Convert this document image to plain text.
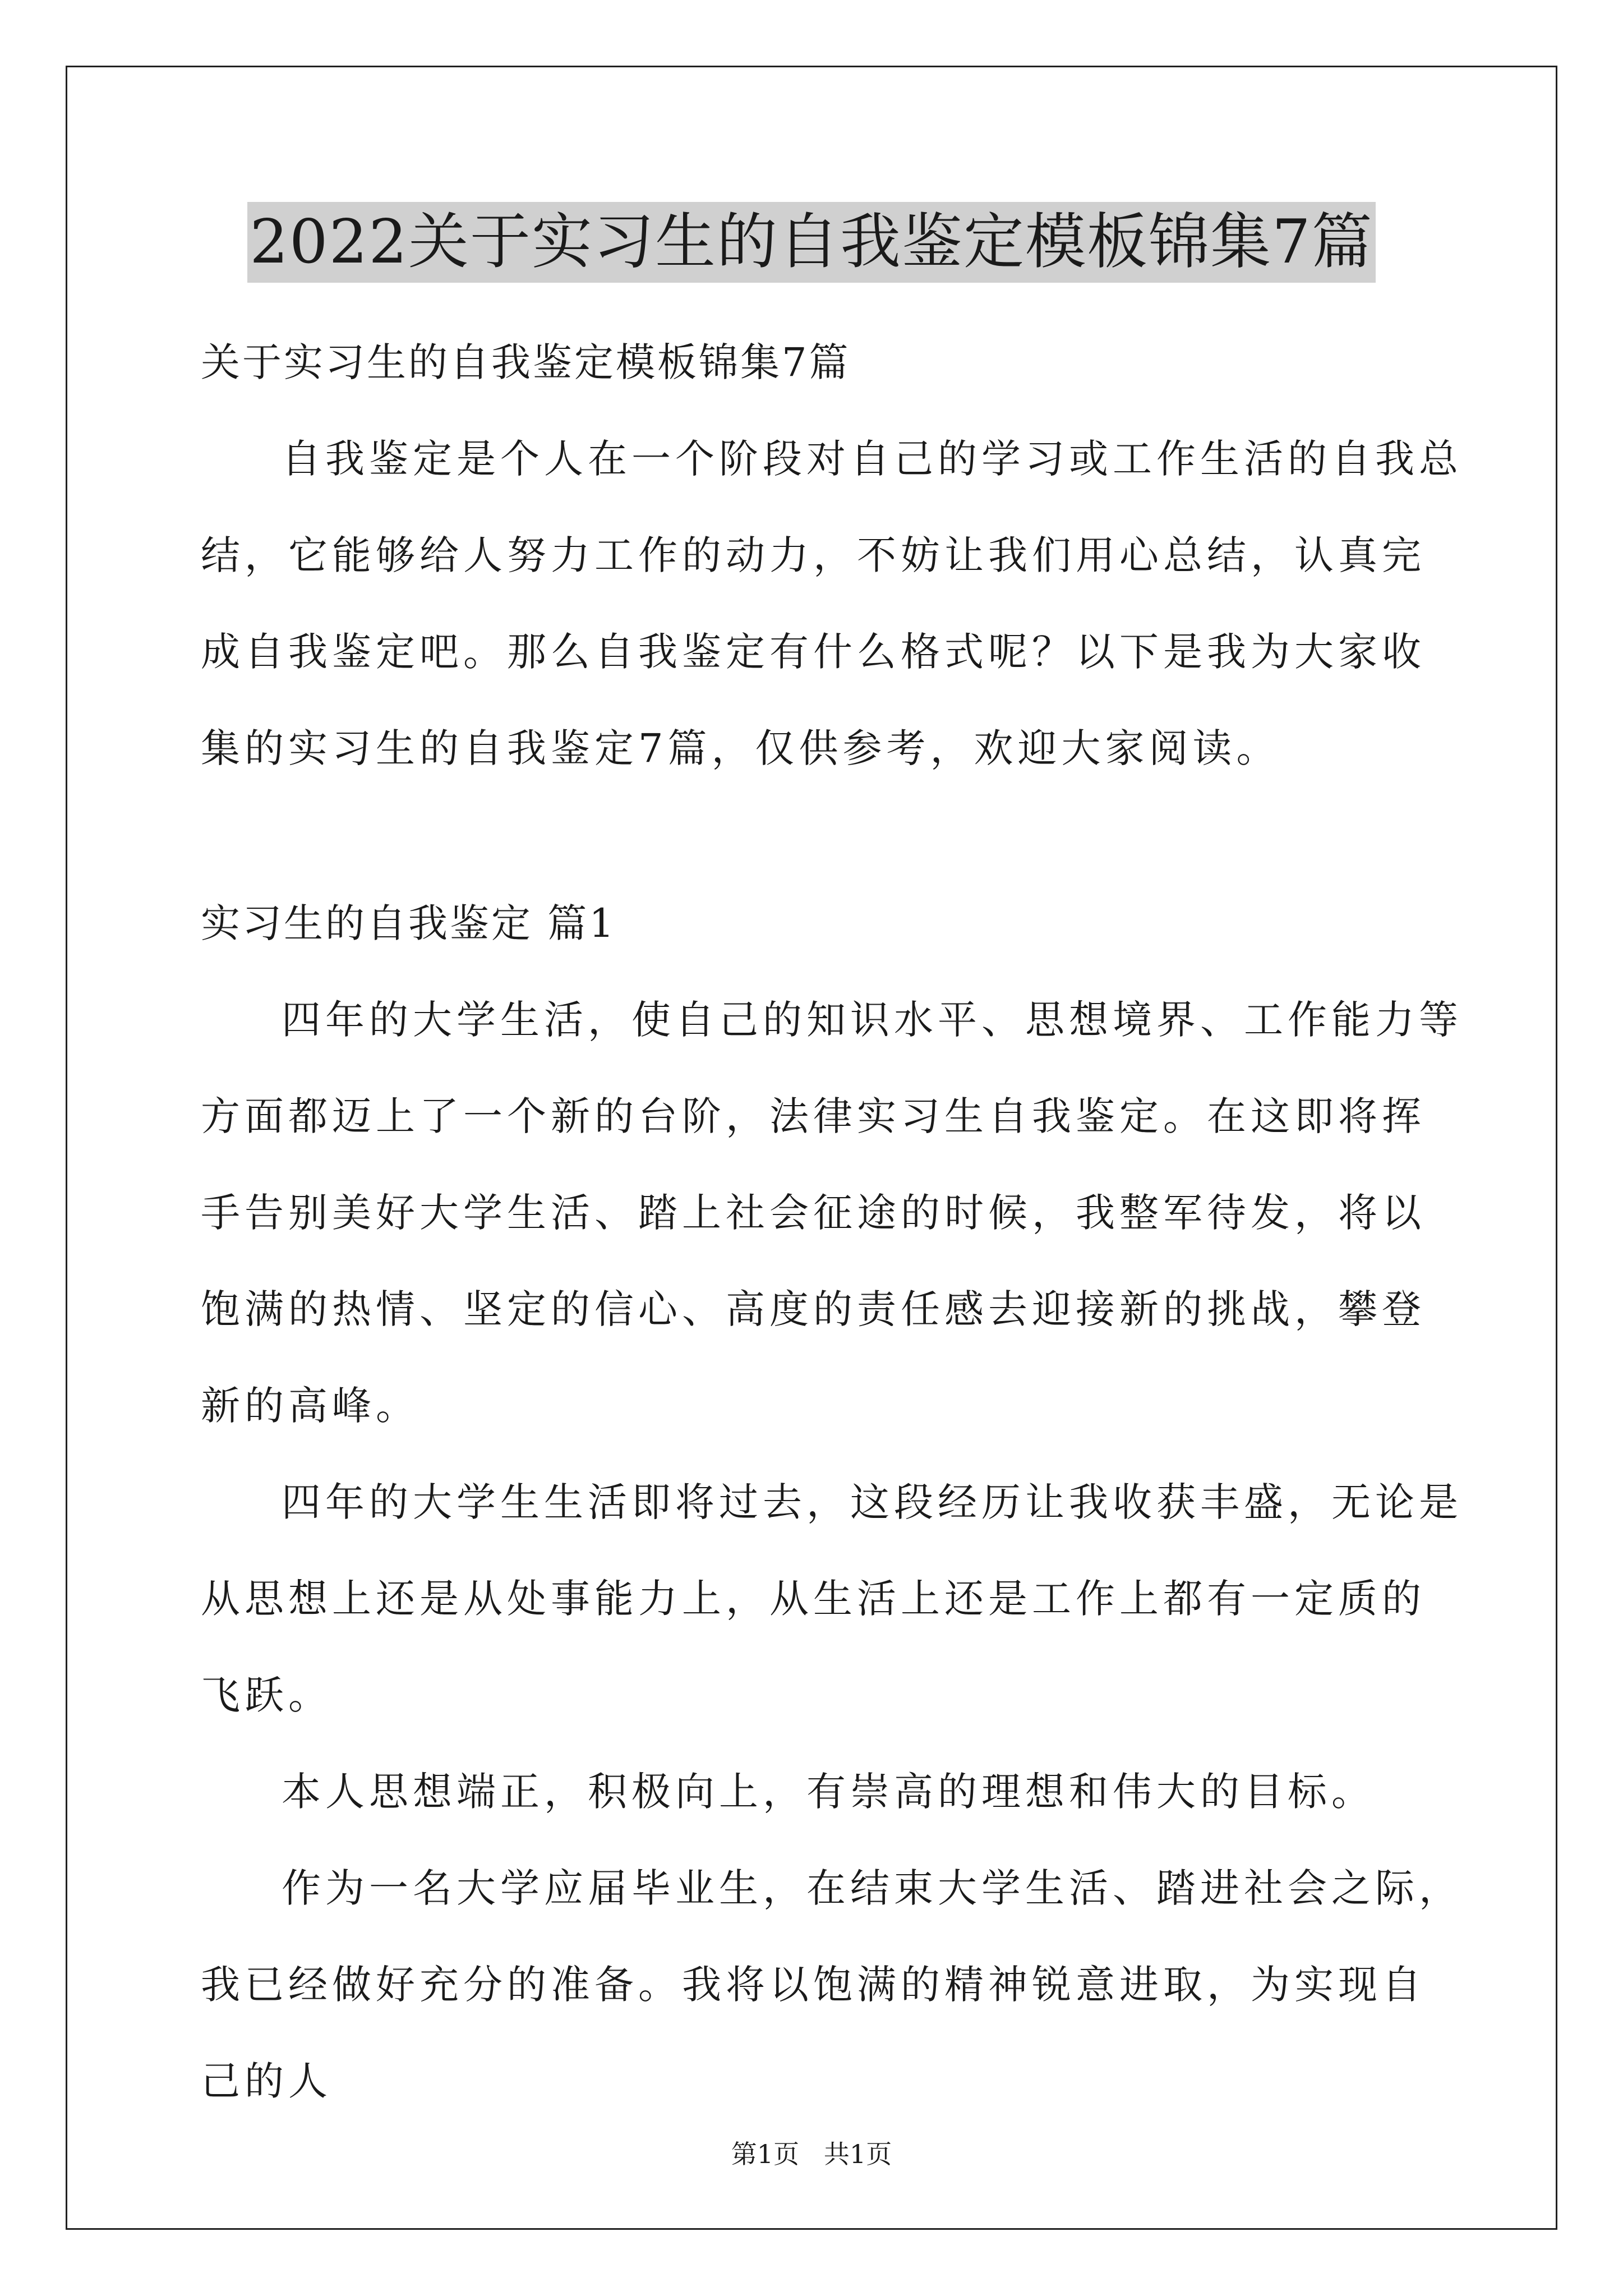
2022关于实习生的自我鉴定模板锦集7篇

关于实习生的自我鉴定模板锦集7篇

自我鉴定是个人在一个阶段对自己的学习或工作生活的自我总结，它能够给人努力工作的动力，不妨让我们用心总结，认真完成自我鉴定吧。那么自我鉴定有什么格式呢？以下是我为大家收集的实习生的自我鉴定7篇，仅供参考，欢迎大家阅读。

实习生的自我鉴定 篇1

四年的大学生活，使自己的知识水平、思想境界、工作能力等方面都迈上了一个新的台阶，法律实习生自我鉴定。在这即将挥手告别美好大学生活、踏上社会征途的时候，我整军待发，将以饱满的热情、坚定的信心、高度的责任感去迎接新的挑战，攀登新的高峰。

四年的大学生生活即将过去，这段经历让我收获丰盛，无论是从思想上还是从处事能力上，从生活上还是工作上都有一定质的飞跃。

本人思想端正，积极向上，有崇高的理想和伟大的目标。

作为一名大学应届毕业生，在结束大学生活、踏进社会之际，我已经做好充分的准备。我将以饱满的精神锐意进取，为实现自己的人

第1页   共1页
